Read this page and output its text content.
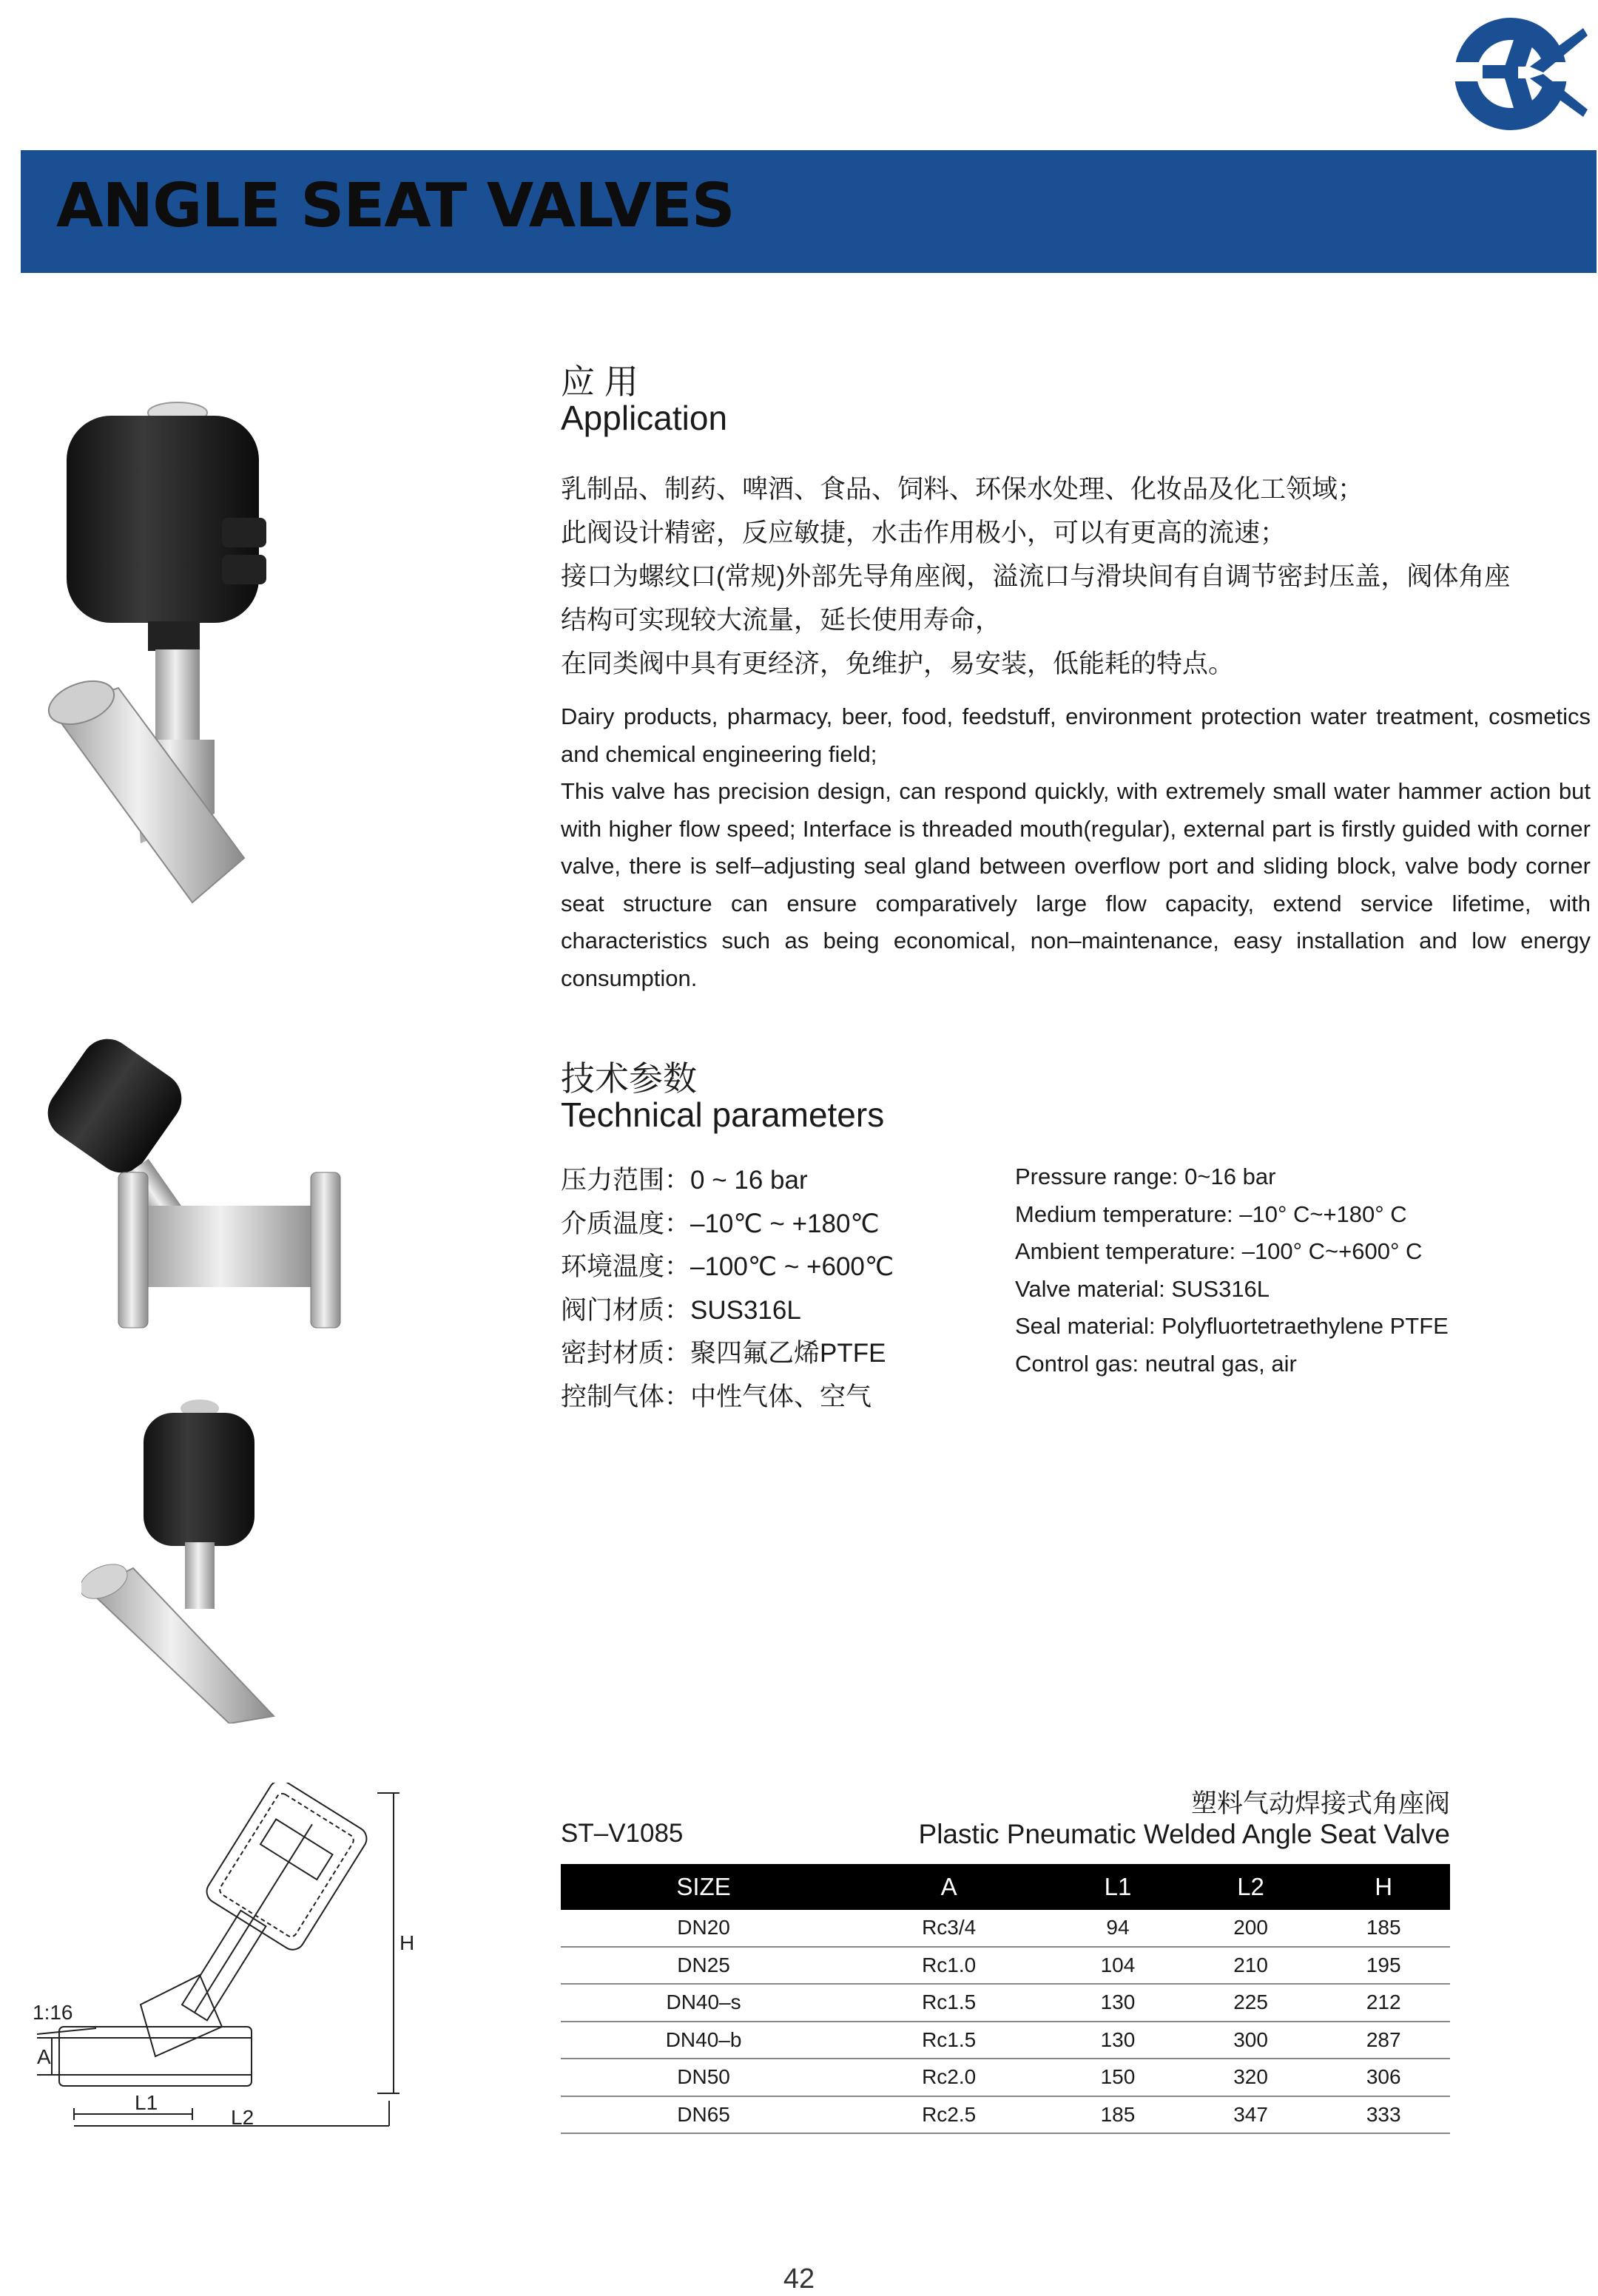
ANGLE SEAT VALVES
应 用
Application
乳制品、制药、啤酒、食品、饲料、环保水处理、化妆品及化工领域；
此阀设计精密，反应敏捷，水击作用极小，可以有更高的流速；
接口为螺纹口(常规)外部先导角座阀，溢流口与滑块间有自调节密封压盖，阀体角座
结构可实现较大流量，延长使用寿命，
在同类阀中具有更经济，免维护，易安装，低能耗的特点。

Dairy products, pharmacy, beer, food, feedstuff, environment protection water treatment, cosmetics and chemical engineering field;

This valve has precision design, can respond quickly, with extremely small water hammer action but with higher flow speed; Interface is threaded mouth(regular), external part is firstly guided with corner valve, there is self–adjusting seal gland between overflow port and sliding block, valve body corner seat structure can ensure comparatively large flow capacity, extend service lifetime, with characteristics such as being economical, non–maintenance, easy installation and low energy consumption.

技术参数
Technical parameters
压力范围：0 ~ 16 bar
介质温度：–10℃ ~ +180℃
环境温度：–100℃ ~ +600℃
阀门材质：SUS316L
密封材质：聚四氟乙烯PTFE
控制气体：中性气体、空气
Pressure range: 0~16 bar
Medium temperature: –10° C~+180° C
Ambient temperature: –100° C~+600° C
Valve material: SUS316L
Seal material: Polyfluortetraethylene PTFE
Control gas: neutral gas, air
H
1:16
A
L1
L2
ST–V1085
塑料气动焊接式角座阀
Plastic Pneumatic Welded Angle Seat Valve
SIZE	A	L1	L2	H
DN20	Rc3/4	94	200	185
DN25	Rc1.0	104	210	195
DN40–s	Rc1.5	130	225	212
DN40–b	Rc1.5	130	300	287
DN50	Rc2.0	150	320	306
DN65	Rc2.5	185	347	333
42
